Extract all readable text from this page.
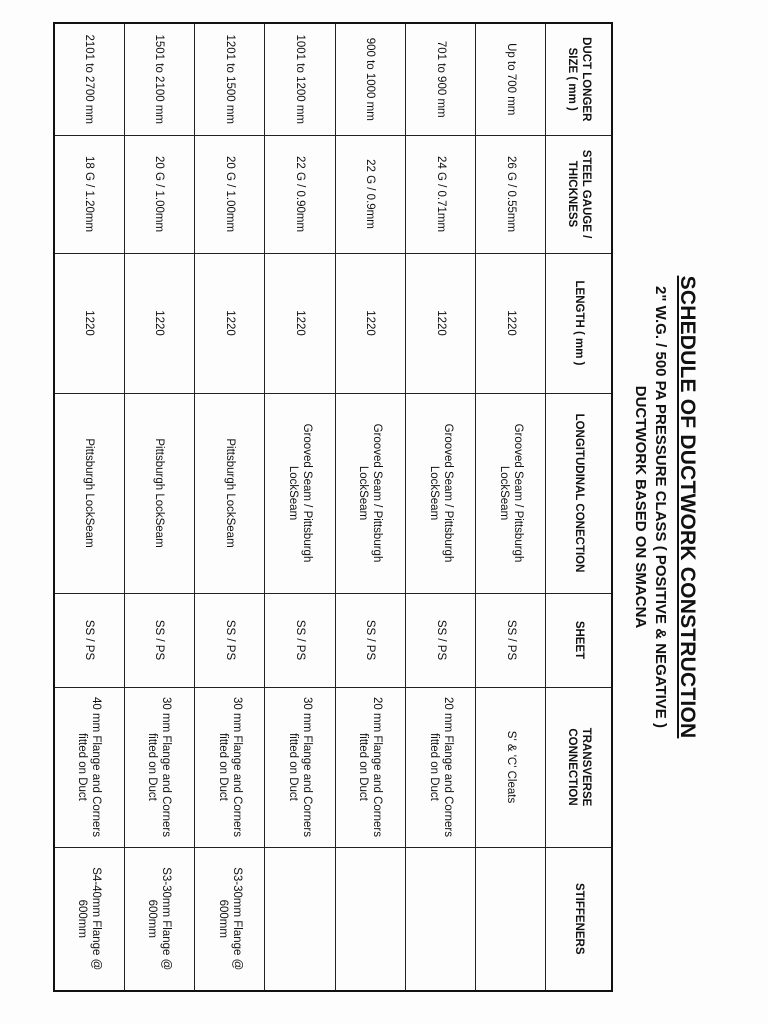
SCHEDULE OF DUCTWORK CONSTRUCTION
2" W.G. / 500 PA PRESSURE CLASS ( POSITIVE & NEGATIVE )
DUCTWORK BASED ON SMACNA
DUCT LONGER SIZE ( mm )	STEEL GAUGE / THICKNESS	LENGTH ( mm )	LONGITUDINAL CONECTION	SHEET	TRANSVERSE CONNECTION	STIFFENERS
Up to 700 mm	26 G / 0.55mm	1220	Grooved Seam / Pittsburgh LockSeam	SS / PS	S' & 'C' Cleats	
701 to 900 mm	24 G / 0.71mm	1220	Grooved Seam / Pittsburgh LockSeam	SS / PS	20 mm Flange and Corners fitted on Duct	
900 to 1000 mm	22 G / 0.9mm	1220	Grooved Seam / Pittsburgh LockSeam	SS / PS	20 mm Flange and Corners fitted on Duct	
1001 to 1200 mm	22 G / 0.90mm	1220	Grooved Seam / Pittsburgh LockSeam	SS / PS	30 mm Flange and Corners fitted on Duct	
1201 to 1500 mm	20 G / 1.00mm	1220	Pittsburgh LockSeam	SS / PS	30 mm Flange and Corners fitted on Duct	S3-30mm Flange @ 600mm
1501 to 2100 mm	20 G / 1.00mm	1220	Pittsburgh LockSeam	SS / PS	30 mm Flange and Corners fitted on Duct	S3-30mm Flange @ 600mm
2101 to 2700 mm	18 G / 1.20mm	1220	Pittsburgh LockSeam	SS / PS	40 mm Flange and Corners fitted on Duct	S4-40mm Flange @ 600mm
